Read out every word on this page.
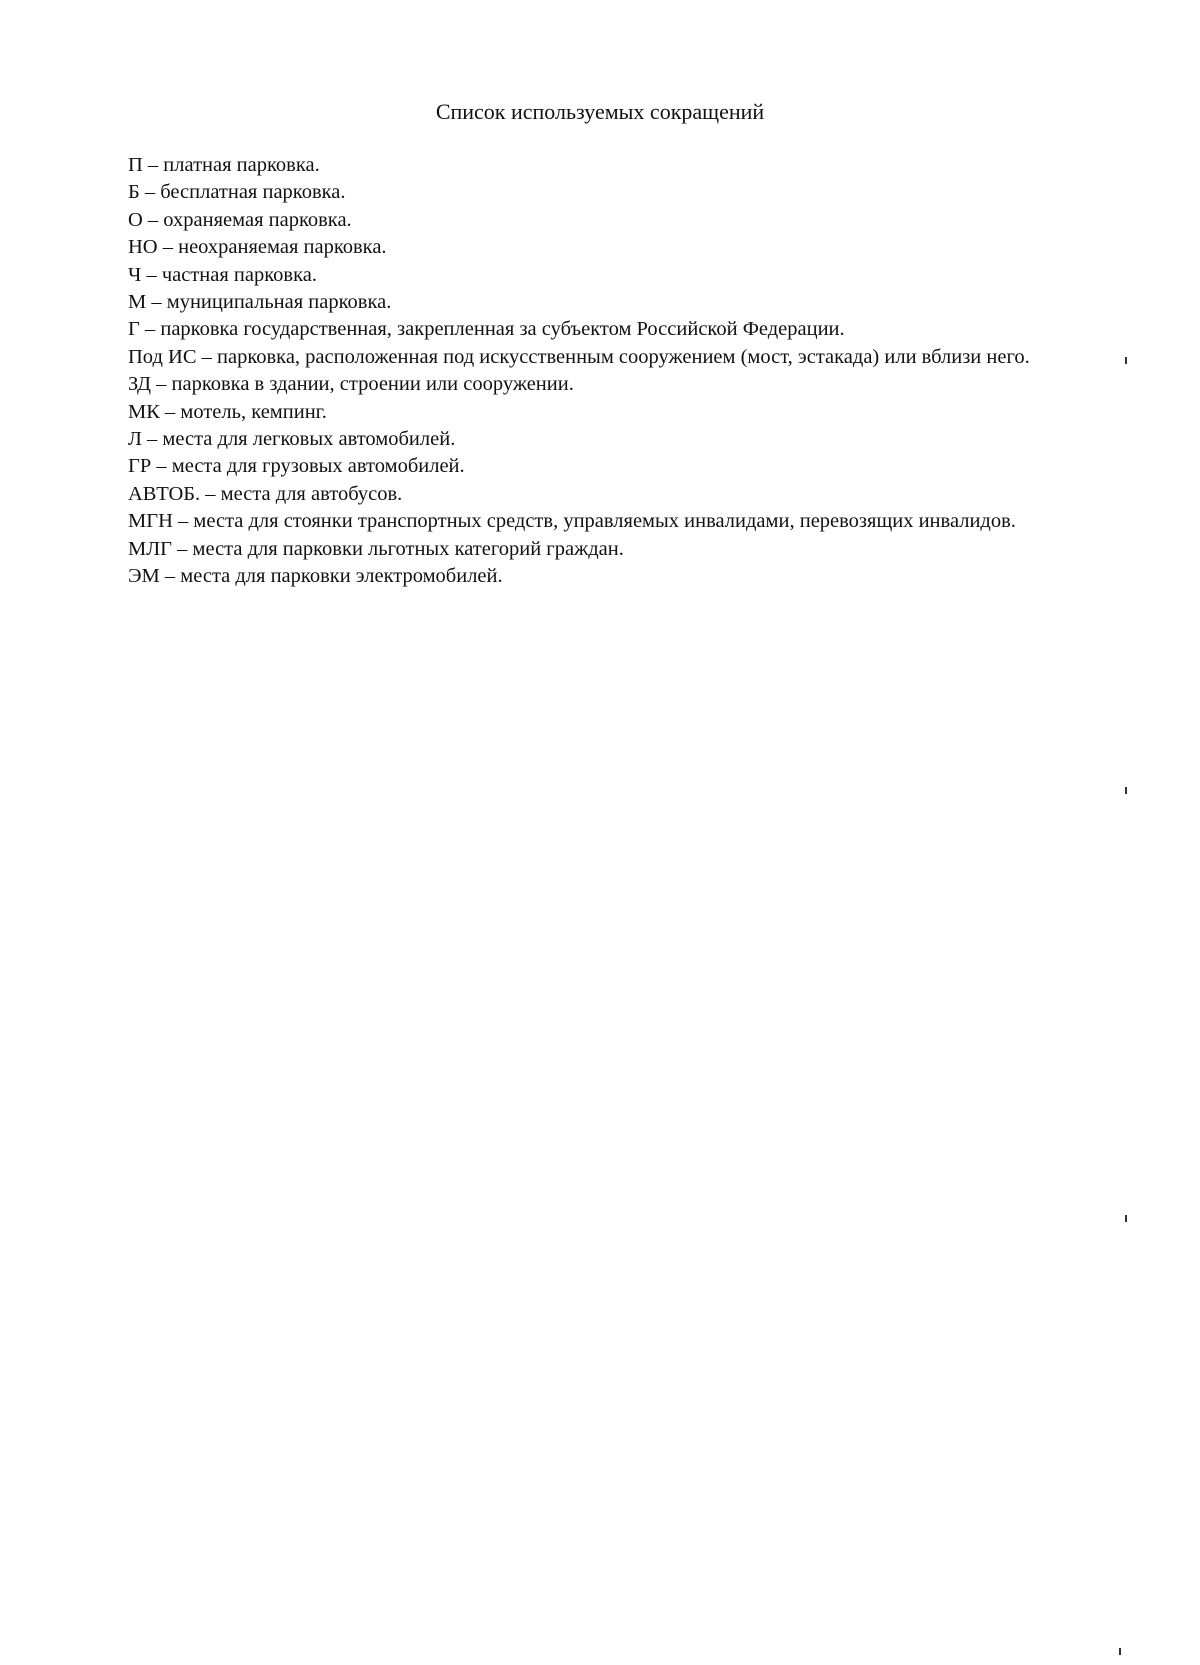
Список используемых сокращений
П – платная парковка.
Б – бесплатная парковка.
О – охраняемая парковка.
НО – неохраняемая парковка.
Ч – частная парковка.
М – муниципальная парковка.
Г – парковка государственная, закрепленная за субъектом Российской Федерации.
Под ИС – парковка, расположенная под искусственным сооружением (мост, эстакада) или вблизи него.
ЗД – парковка в здании, строении или сооружении.
МК – мотель, кемпинг.
Л – места для легковых автомобилей.
ГР – места для грузовых автомобилей.
АВТОБ. – места для автобусов.
МГН – места для стоянки транспортных средств, управляемых инвалидами, перевозящих инвалидов.
МЛГ – места для парковки льготных категорий граждан.
ЭМ – места для парковки электромобилей.
